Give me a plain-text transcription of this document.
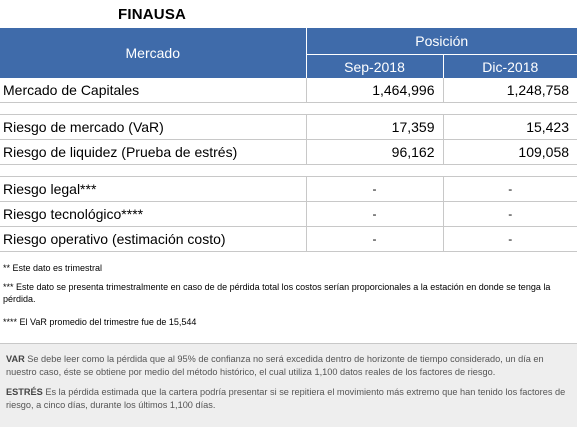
FINAUSA
Mercado	Posición	
	Sep-2018	Dic-2018
Mercado de Capitales	1,464,996	1,248,758

Riesgo de mercado (VaR)	17,359	15,423
Riesgo de liquidez (Prueba de estrés)	96,162	109,058

Riesgo legal***	-	-
Riesgo tecnológico****	-	-
Riesgo operativo (estimación costo)	-	-
** Este dato es trimestral
*** Este dato se presenta trimestralmente en caso de de pérdida total los costos serían proporcionales a la estación en donde se tenga la pérdida.
**** El VaR promedio del trimestre fue de 15,544

VAR Se debe leer como la pérdida que al 95% de confianza no será excedida dentro de horizonte de tiempo considerado, un día en nuestro caso, éste se obtiene por medio del método histórico, el cual utiliza 1,100 datos reales de los factores de riesgo.

ESTRÉS Es la pérdida estimada que la cartera podría presentar si se repitiera el movimiento más extremo que han tenido los factores de riesgo, a cinco días, durante los últimos 1,100 días.
